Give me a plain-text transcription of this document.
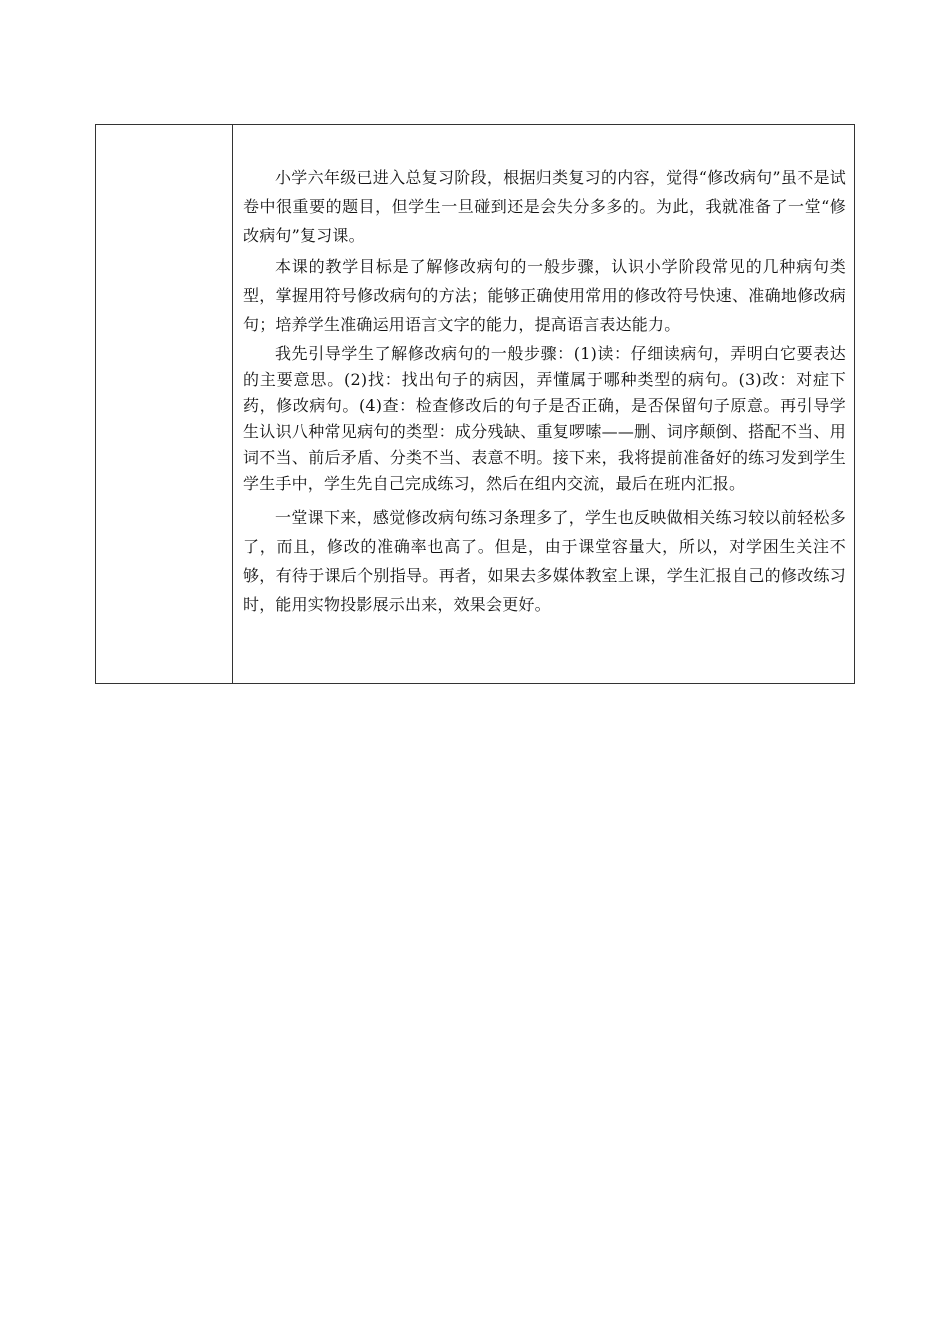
小学六年级已进入总复习阶段，根据归类复习的内容，觉得“修改病句”虽不是试卷中很重要的题目，但学生一旦碰到还是会失分多多的。为此，我就准备了一堂“修改病句”复习课。

本课的教学目标是了解修改病句的一般步骤，认识小学阶段常见的几种病句类型，掌握用符号修改病句的方法；能够正确使用常用的修改符号快速、准确地修改病句；培养学生准确运用语言文字的能力，提高语言表达能力。

我先引导学生了解修改病句的一般步骤：(1)读：仔细读病句，弄明白它要表达的主要意思。(2)找：找出句子的病因，弄懂属于哪种类型的病句。(3)改：对症下药，修改病句。(4)查：检查修改后的句子是否正确，是否保留句子原意。再引导学生认识八种常见病句的类型：成分残缺、重复啰嗦——删、词序颠倒、搭配不当、用词不当、前后矛盾、分类不当、表意不明。接下来，我将提前准备好的练习发到学生学生手中，学生先自己完成练习，然后在组内交流，最后在班内汇报。

一堂课下来，感觉修改病句练习条理多了，学生也反映做相关练习较以前轻松多了，而且，修改的准确率也高了。但是，由于课堂容量大，所以，对学困生关注不够，有待于课后个别指导。再者，如果去多媒体教室上课，学生汇报自己的修改练习时，能用实物投影展示出来，效果会更好。
